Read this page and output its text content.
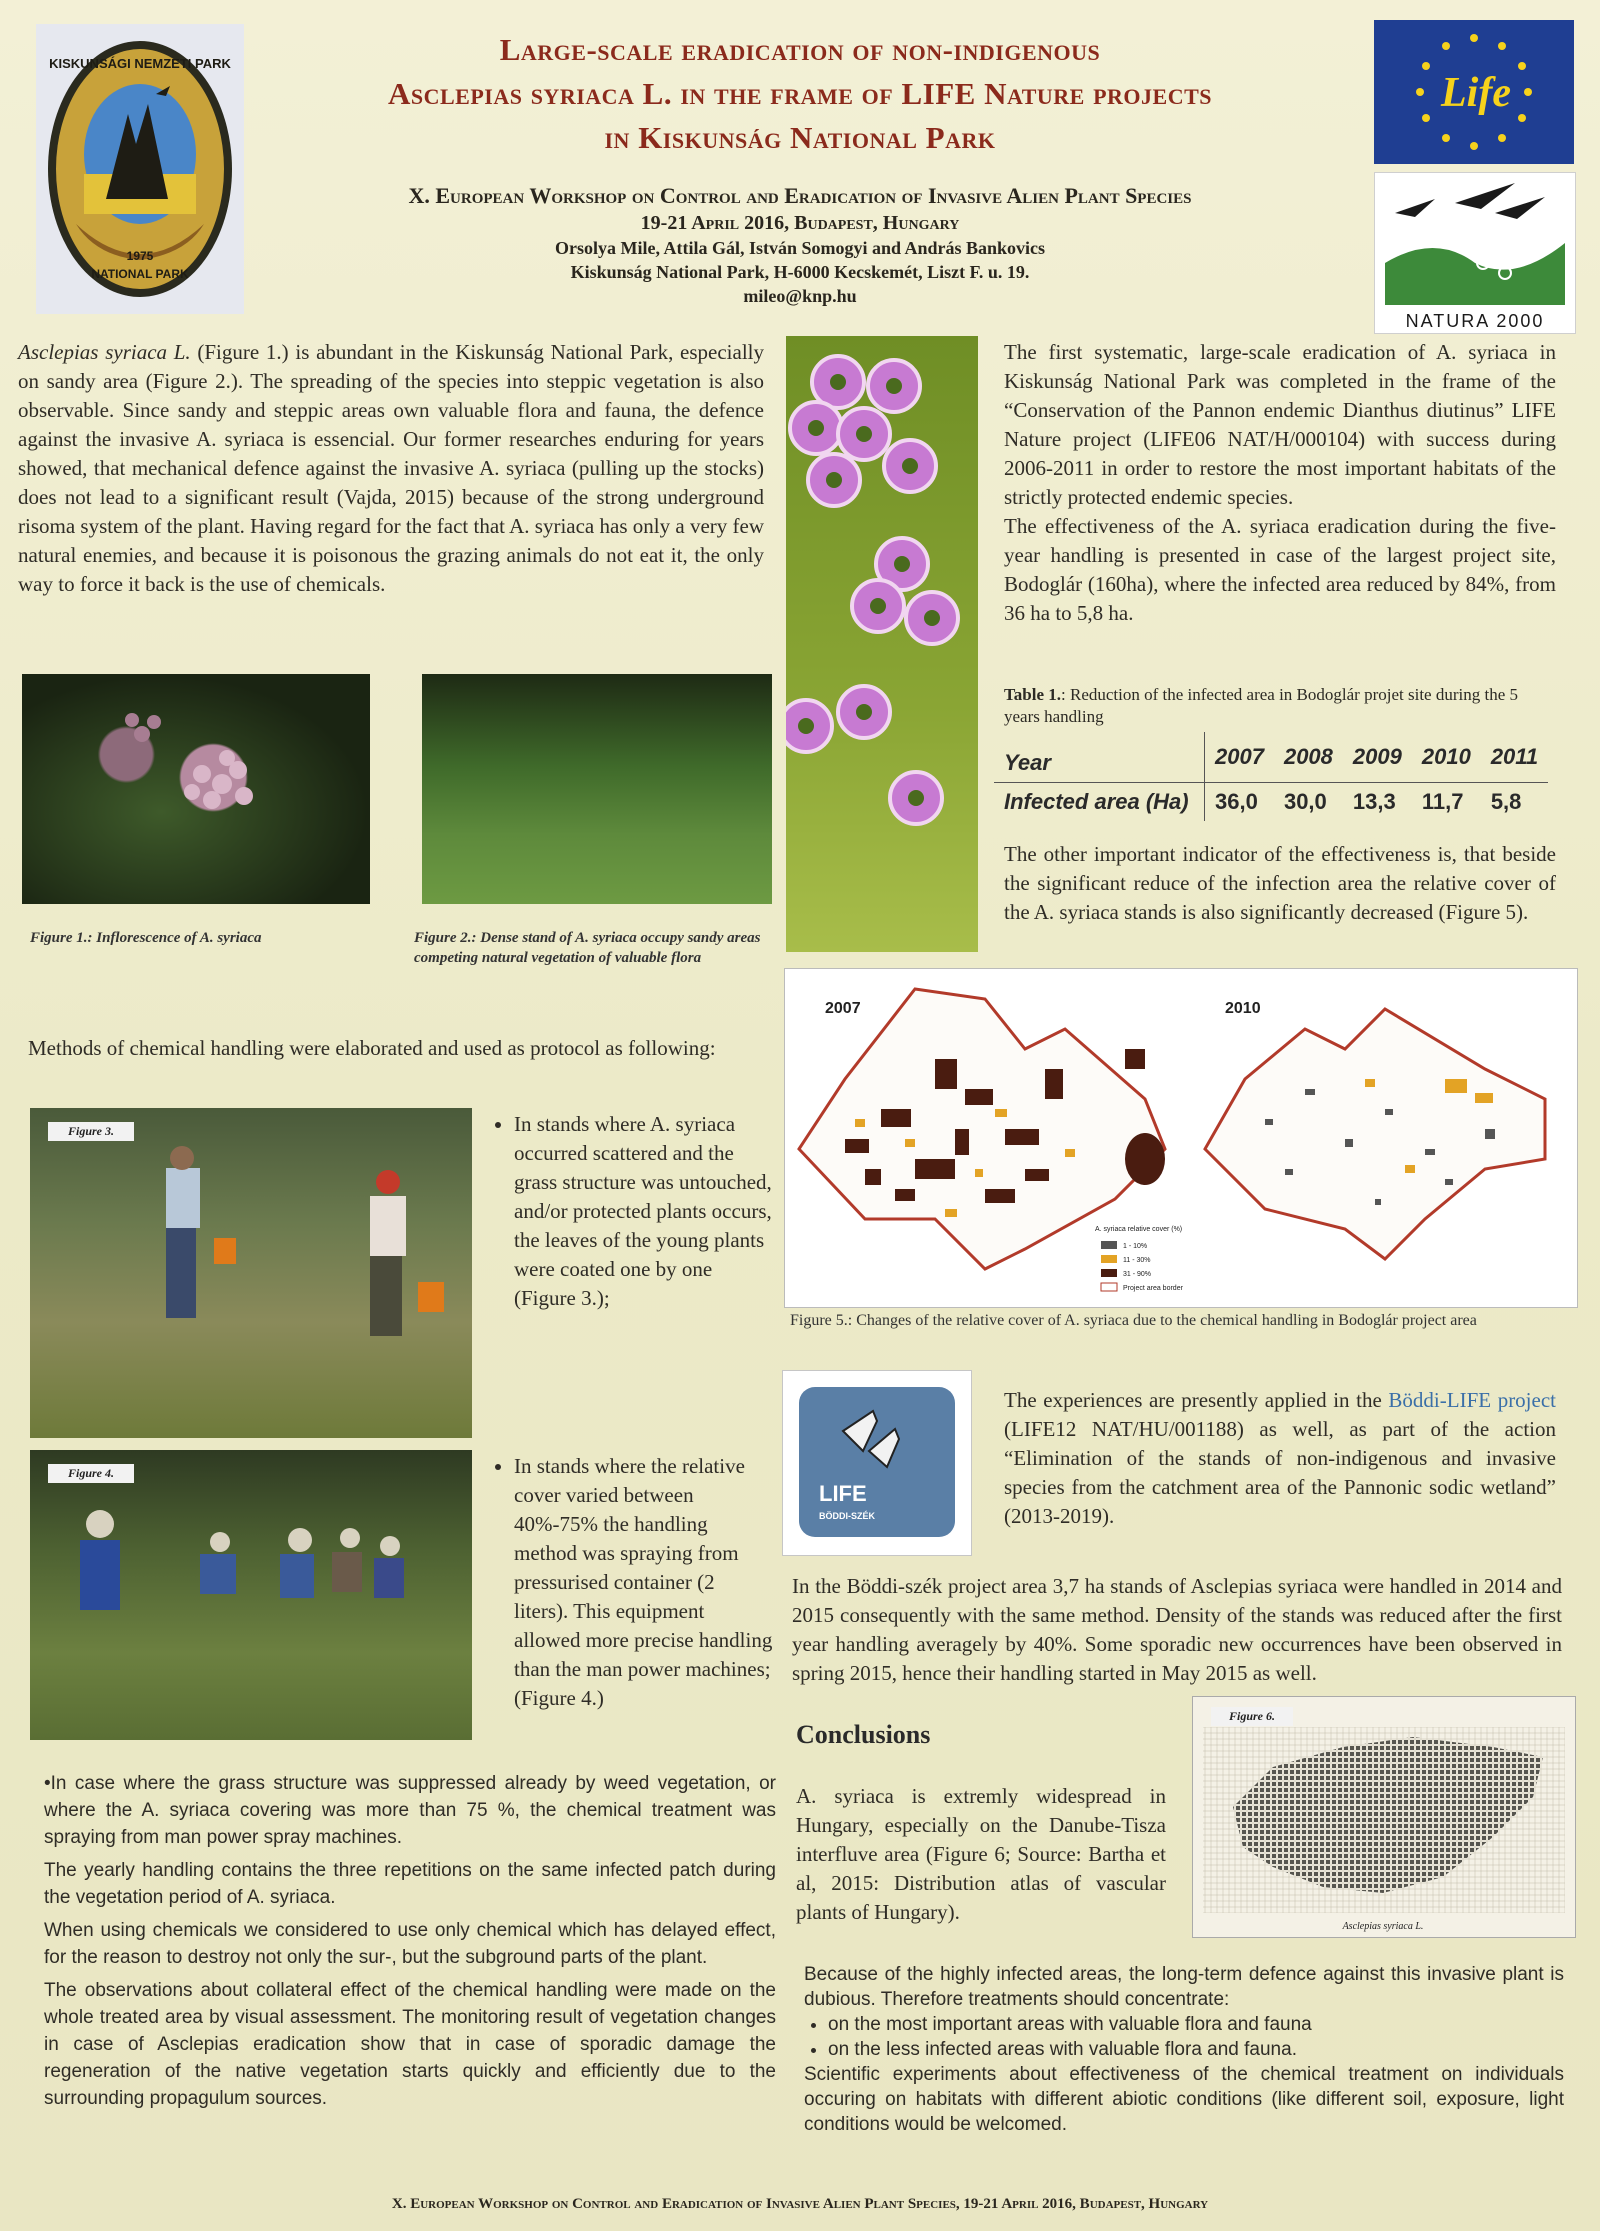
KISKUNSÁGI NEMZETI PARK
1975
NATIONAL PARK
Large-scale eradication of non-indigenous
Asclepias syriaca L. in the frame of LIFE Nature projects
in Kiskunság National Park
X. European Workshop on Control and Eradication of Invasive Alien Plant Species
19-21 April 2016, Budapest, Hungary
Orsolya Mile, Attila Gál, István Somogyi and András Bankovics
Kiskunság National Park, H-6000 Kecskemét, Liszt F. u. 19.
mileo@knp.hu
Life
NATURA 2000
Asclepias syriaca L. (Figure 1.) is abundant in the Kiskunság National Park, especially on sandy area (Figure 2.). The spreading of the species into steppic vegetation is also observable. Since sandy and steppic areas own valuable flora and fauna, the defence against the invasive A. syriaca is essencial. Our former researches enduring for years showed, that mechanical defence against the invasive A. syriaca (pulling up the stocks) does not lead to a significant result (Vajda, 2015) because of the strong underground risoma system of the plant. Having regard for the fact that A. syriaca has only a very few natural enemies, and because it is poisonous the grazing animals do not eat it, the only way to force it back is the use of chemicals.
Figure 1.: Inflorescence of A. syriaca	Figure 2.: Dense stand of A. syriaca occupy sandy areas competing natural vegetation of valuable flora
The first systematic, large-scale eradication of A. syriaca in Kiskunság National Park was completed in the frame of the “Conservation of the Pannon endemic Dianthus diutinus” LIFE Nature project (LIFE06 NAT/H/000104) with success during 2006-2011 in order to restore the most important habitats of the strictly protected endemic species.
The effectiveness of the A. syriaca eradication during the five-year handling is presented in case of the largest project site, Bodoglár (160ha), where the infected area reduced by 84%, from 36 ha to 5,8 ha.
Table 1.: Reduction of the infected area in Bodoglár projet site during the 5 years handling
Year	2007	2008	2009	2010	2011
Infected area (Ha)	36,0	30,0	13,3	11,7	5,8
The other important indicator of the effectiveness is, that beside the significant reduce of the infection area the relative cover of the A. syriaca stands is also significantly decreased (Figure 5).
2007	2010
A. syriaca relative cover (%)
1 - 10%
11 - 30%
31 - 90%
Project area border
Figure 5.: Changes of the relative cover of A. syriaca due to the chemical handling in Bodoglár project area
Methods of chemical handling were elaborated and used as protocol as following:
Figure 3.	• In stands where A. syriaca occurred scattered and the grass structure was untouched, and/or protected plants occurs, the leaves of the young plants were coated one by one (Figure 3.);
Figure 4.	• In stands where the relative cover varied between 40%-75% the handling method was spraying from pressurised container (2 liters). This equipment allowed more precise handling than the man power machines; (Figure 4.)
•In case where the grass structure was suppressed already by weed vegetation, or where the A. syriaca covering was more than 75 %, the chemical treatment was spraying from man power spray machines.
The yearly handling contains the three repetitions on the same infected patch during the vegetation period of A. syriaca.
When using chemicals we considered to use only chemical which has delayed effect, for the reason to destroy not only the sur-, but the subground parts of the plant.
The observations about collateral effect of the chemical handling were made on the whole treated area by visual assessment. The monitoring result of vegetation changes in case of Asclepias eradication show that in case of sporadic damage the regeneration of the native vegetation starts quickly and efficiently due to the surrounding propagulum sources.
LIFE
BÖDDI-SZÉK
The experiences are presently applied in the Böddi-LIFE project (LIFE12 NAT/HU/001188) as well, as part of the action “Elimination of the stands of non-indigenous and invasive species from the catchment area of the Pannonic sodic wetland” (2013-2019).
In the Böddi-szék project area 3,7 ha stands of Asclepias syriaca were handled in 2014 and 2015 consequently with the same method. Density of the stands was reduced after the first year handling averagely by 40%. Some sporadic new occurrences have been observed in spring 2015, hence their handling started in May 2015 as well.
Conclusions
A. syriaca is extremly widespread in Hungary, especially on the Danube-Tisza interfluve area (Figure 6; Source: Bartha et al, 2015: Distribution atlas of vascular plants of Hungary).
Figure 6.
Asclepias syriaca L.
Because of the highly infected areas, the long-term defence against this invasive plant is dubious. Therefore treatments should concentrate:
• on the most important areas with valuable flora and fauna
• on the less infected areas with valuable flora and fauna.
Scientific experiments about effectiveness of the chemical treatment on individuals occuring on habitats with different abiotic conditions (like different soil, exposure, light conditions would be welcomed.
X. European Workshop on Control and Eradication of Invasive Alien Plant Species, 19-21 April 2016, Budapest, Hungary
